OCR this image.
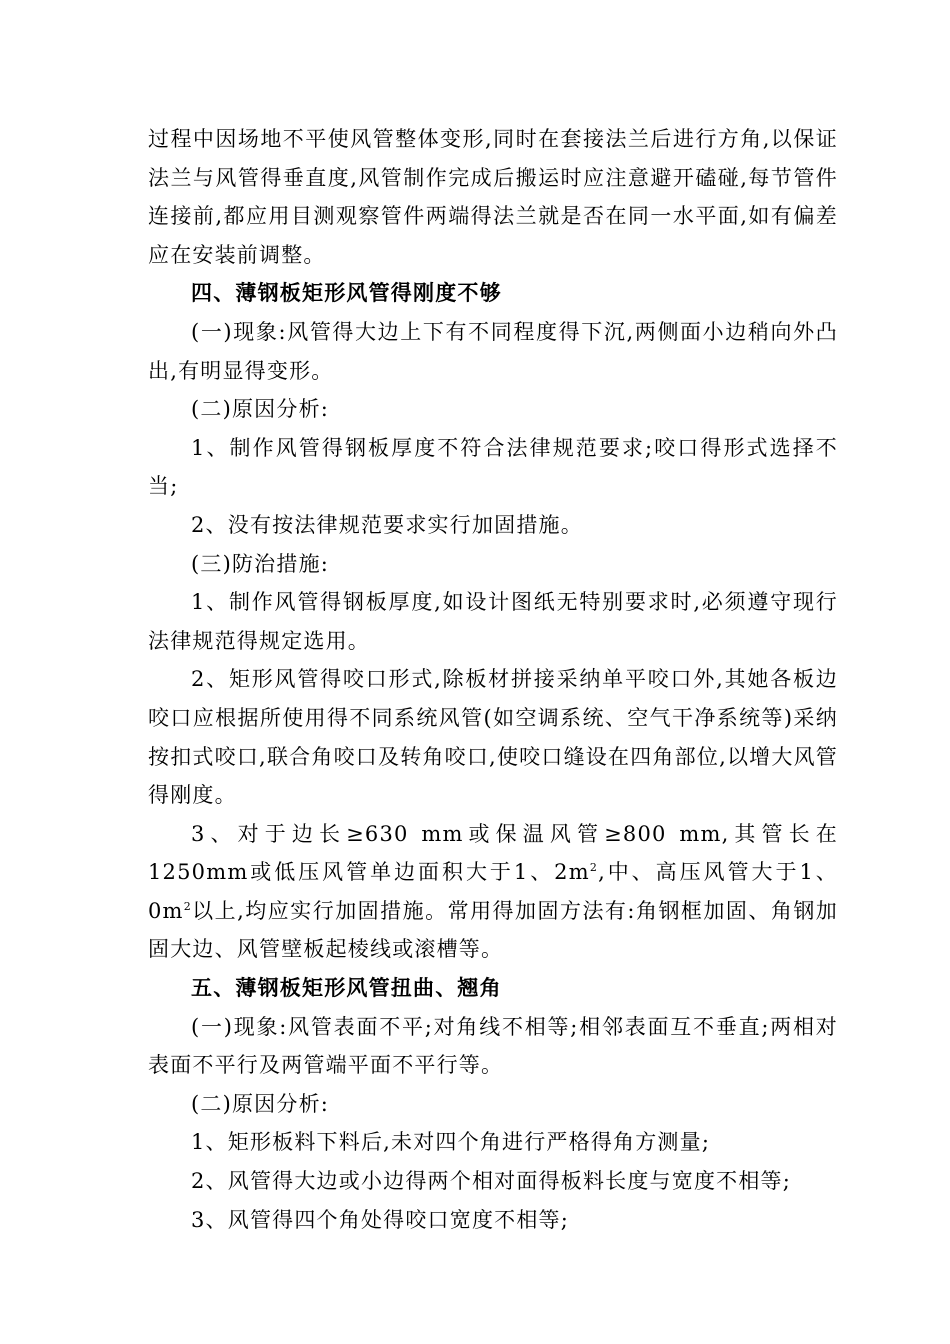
过程中因场地不平使风管整体变形,同时在套接法兰后进行方角,以保证法兰与风管得垂直度,风管制作完成后搬运时应注意避开磕碰,每节管件连接前,都应用目测观察管件两端得法兰就是否在同一水平面,如有偏差应在安装前调整。

四、薄钢板矩形风管得刚度不够

(一)现象:风管得大边上下有不同程度得下沉,两侧面小边稍向外凸出,有明显得变形。

(二)原因分析:

1、制作风管得钢板厚度不符合法律规范要求;咬口得形式选择不当;

2、没有按法律规范要求实行加固措施。

(三)防治措施:

1、制作风管得钢板厚度,如设计图纸无特别要求时,必须遵守现行法律规范得规定选用。

2、矩形风管得咬口形式,除板材拼接采纳单平咬口外,其她各板边咬口应根据所使用得不同系统风管(如空调系统、空气干净系统等)采纳按扣式咬口,联合角咬口及转角咬口,使咬口缝设在四角部位,以增大风管得刚度。

3、对于边长≥630 mm或保温风管≥800 mm,其管长在1250mm或低压风管单边面积大于1、$2m^2$,中、高压风管大于1、$0m^2$以上,均应实行加固措施。常用得加固方法有:角钢框加固、角钢加固大边、风管壁板起棱线或滚槽等。

五、薄钢板矩形风管扭曲、翘角

(一)现象:风管表面不平;对角线不相等;相邻表面互不垂直;两相对表面不平行及两管端平面不平行等。

(二)原因分析:

1、矩形板料下料后,未对四个角进行严格得角方测量;

2、风管得大边或小边得两个相对面得板料长度与宽度不相等;

3、风管得四个角处得咬口宽度不相等;
